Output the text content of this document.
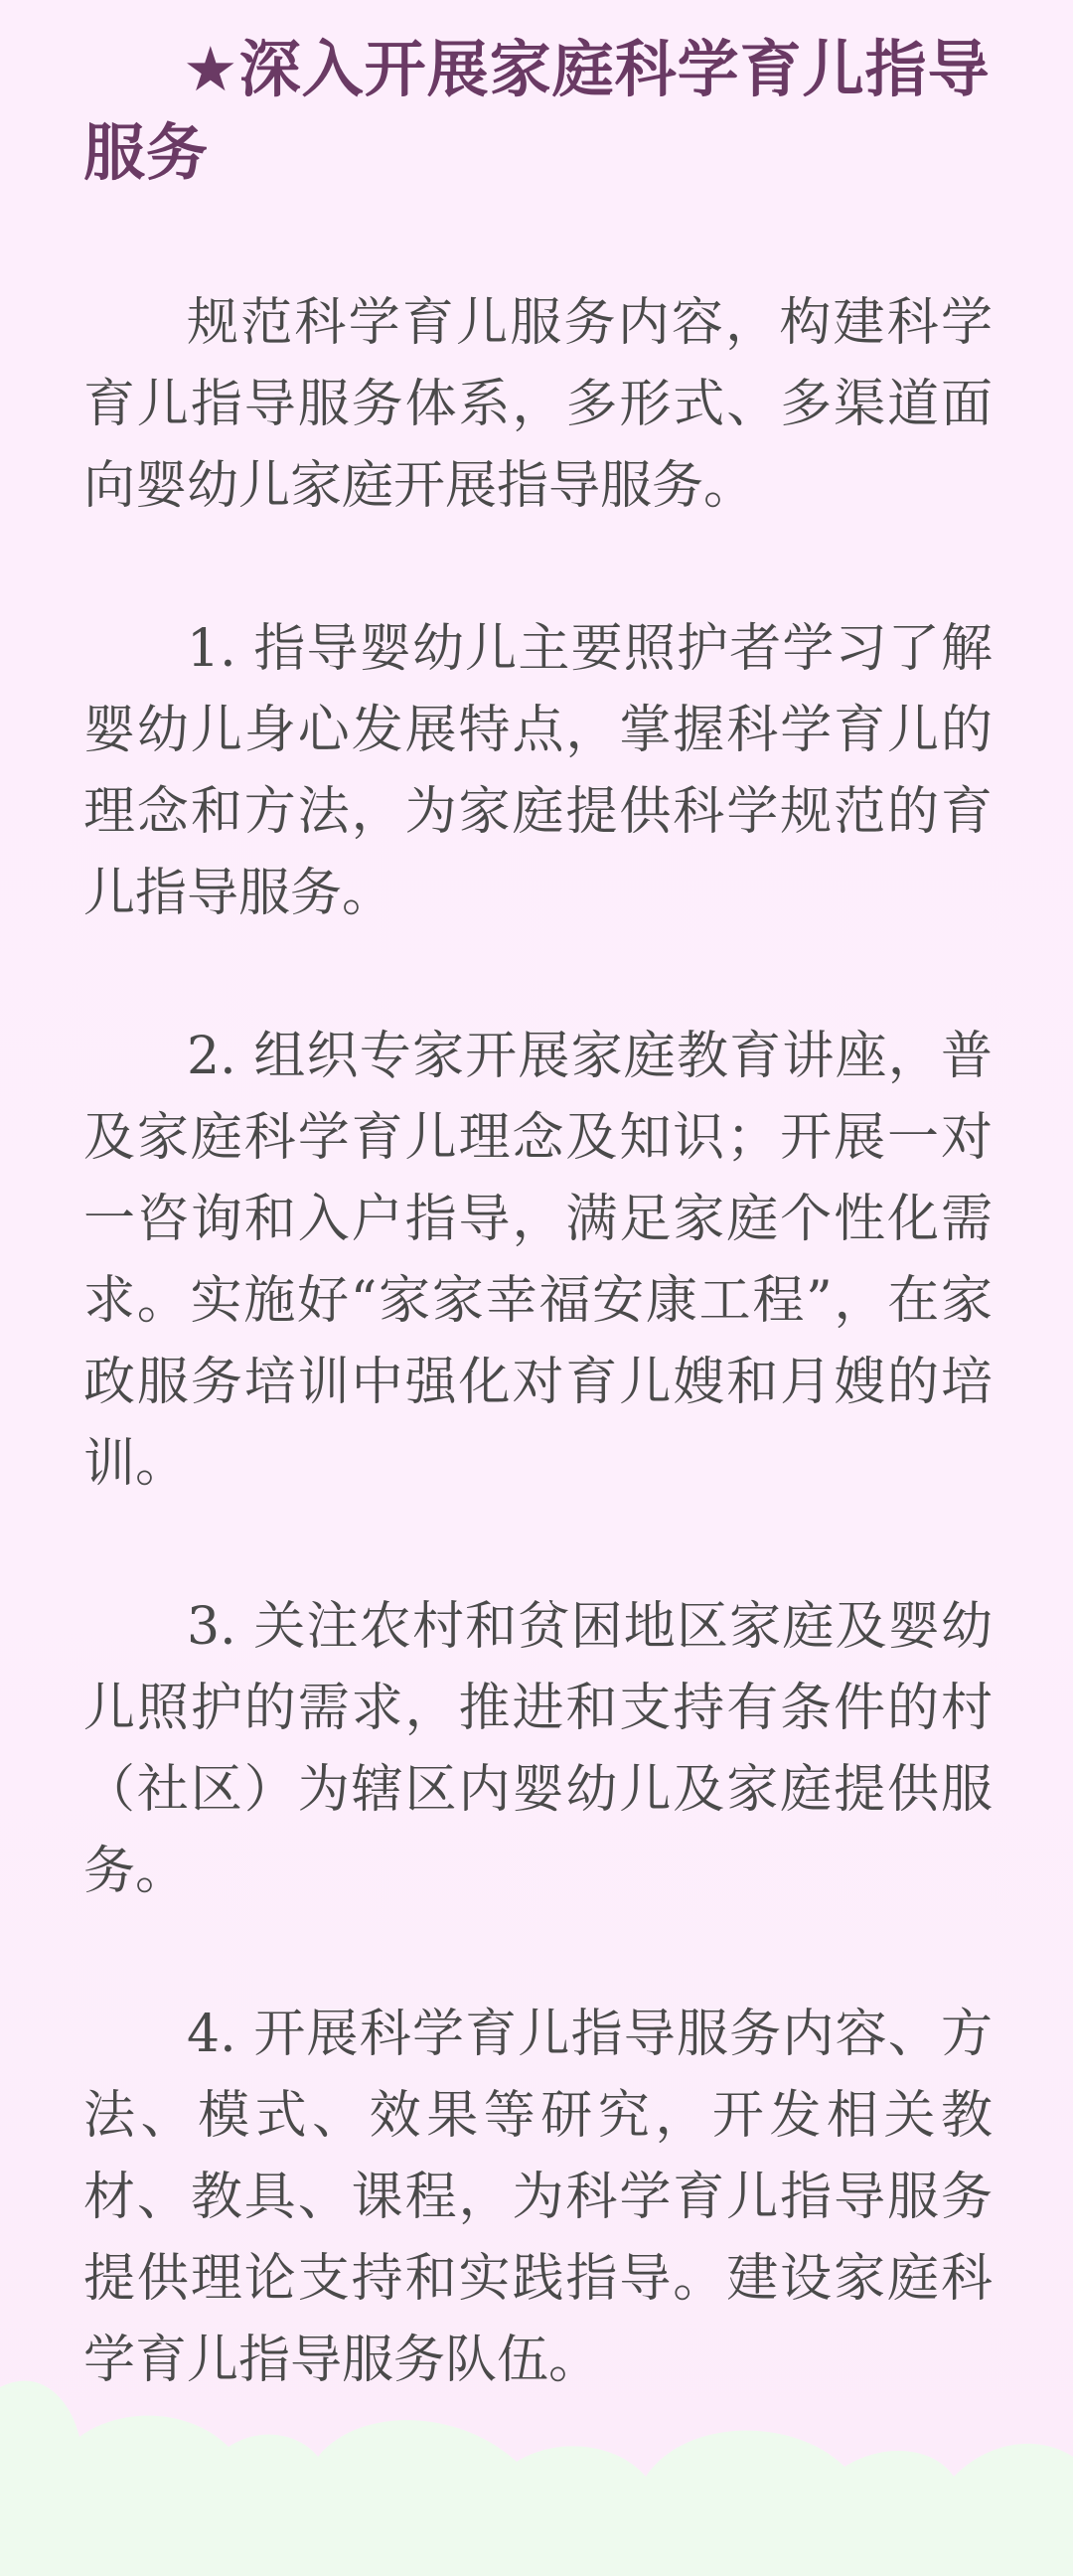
★深入开展家庭科学育儿指导服务

规范科学育儿服务内容，构建科学育儿指导服务体系，多形式、多渠道面向婴幼儿家庭开展指导服务。

1. 指导婴幼儿主要照护者学习了解婴幼儿身心发展特点，掌握科学育儿的理念和方法，为家庭提供科学规范的育儿指导服务。

2. 组织专家开展家庭教育讲座，普及家庭科学育儿理念及知识；开展一对一咨询和入户指导，满足家庭个性化需求。实施好“家家幸福安康工程”，在家政服务培训中强化对育儿嫂和月嫂的培训。

3. 关注农村和贫困地区家庭及婴幼儿照护的需求，推进和支持有条件的村（社区）为辖区内婴幼儿及家庭提供服务。

4. 开展科学育儿指导服务内容、方法、模式、效果等研究，开发相关教材、教具、课程，为科学育儿指导服务提供理论支持和实践指导。建设家庭科学育儿指导服务队伍。
